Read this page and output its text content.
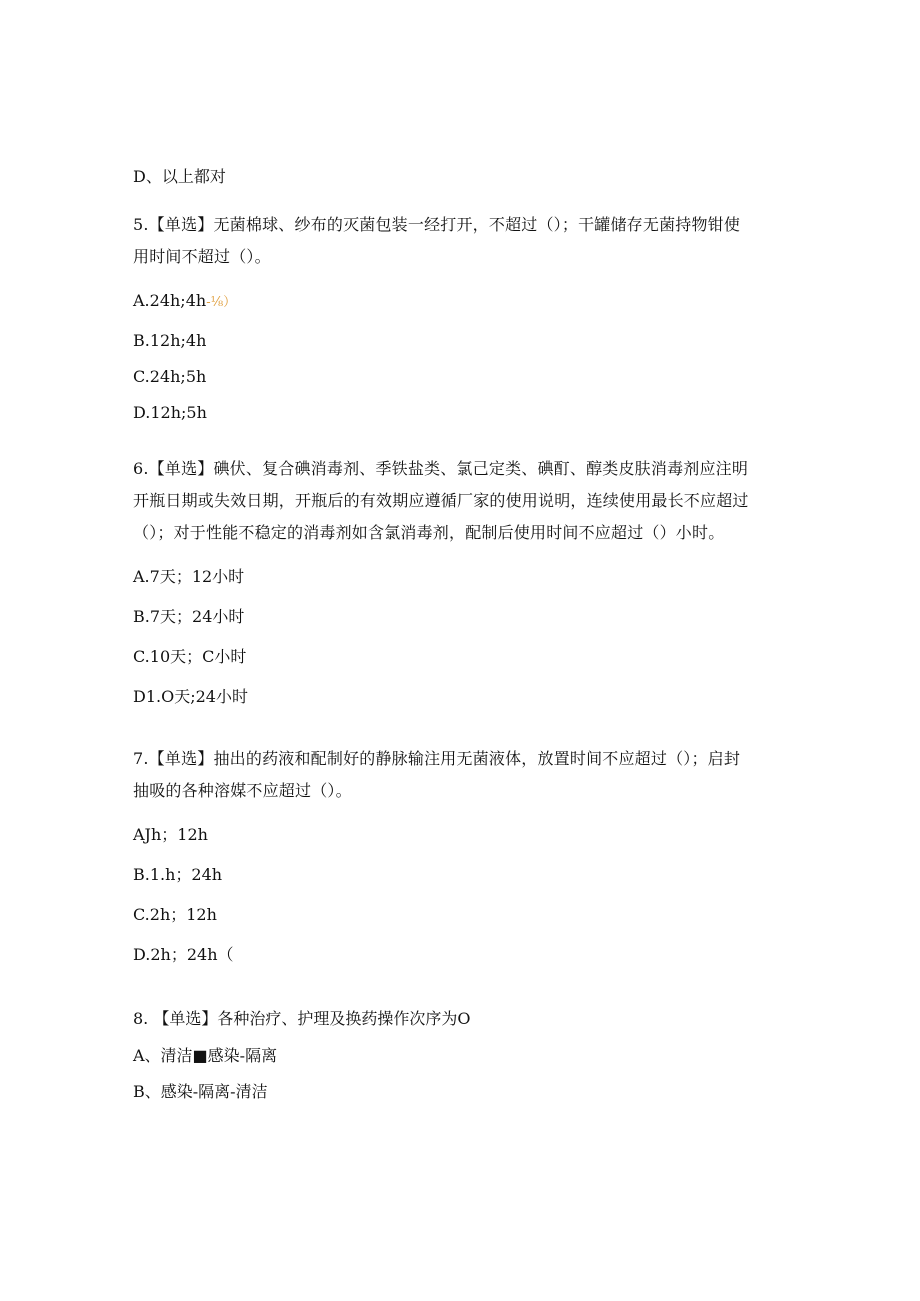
D、以上都对
5.【单选】无菌棉球、纱布的灭菌包装一经打开，不超过（）；干罐储存无菌持物钳使
用时间不超过（）。
A.24h;4h-⅛）
B.12h;4h
C.24h;5h
D.12h;5h
6.【单选】碘伏、复合碘消毒剂、季铁盐类、氯己定类、碘酊、醇类皮肤消毒剂应注明
开瓶日期或失效日期，开瓶后的有效期应遵循厂家的使用说明，连续使用最长不应超过
（）；对于性能不稳定的消毒剂如含氯消毒剂，配制后使用时间不应超过（）小时。
A.7天；12小时
B.7天；24小时
C.10天；C小时
D1.O天;24小时
7.【单选】抽出的药液和配制好的静脉输注用无菌液体，放置时间不应超过（）；启封
抽吸的各种溶媒不应超过（）。
AJh；12h
B.1.h；24h
C.2h；12h
D.2h；24h（
8. 【单选】各种治疗、护理及换药操作次序为O
A、清洁■感染-隔离
B、感染-隔离-清洁
